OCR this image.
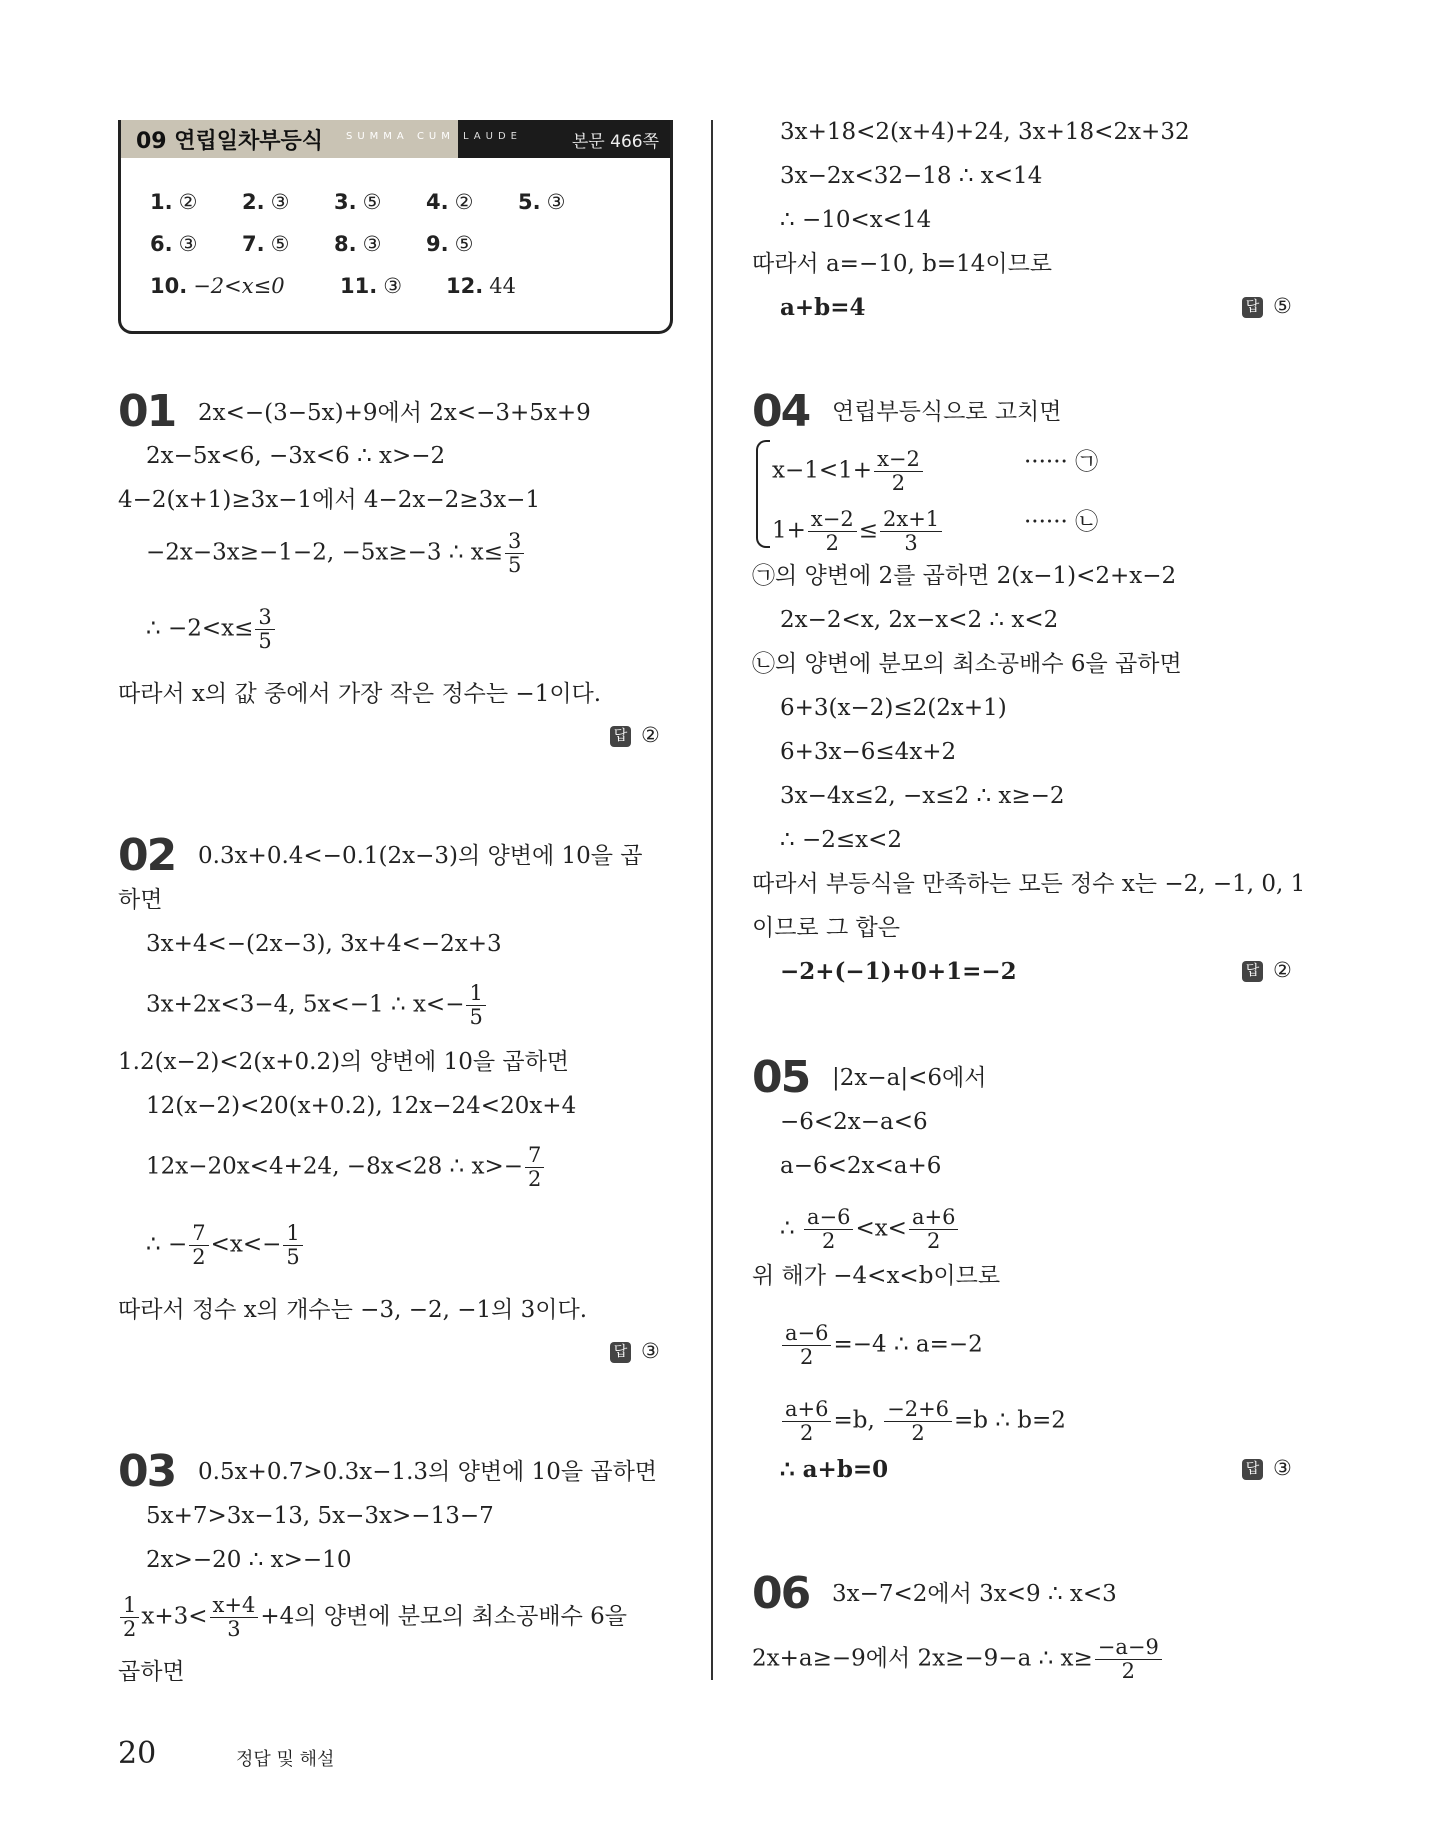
09 연립일차부등식 SUMMA CUM LAUDE	본문 466쪽
1. ② 2. ③ 3. ⑤ 4. ② 5. ③
6. ③ 7. ⑤ 8. ③ 9. ⑤
10. −2<x≤0	11. ③ 12. 44
01 2x<−(3−5x)+9에서 2x<−3+5x+9
2x−5x<6, −3x<6 ∴ x>−2
4−2(x+1)≥3x−1에서 4−2x−2≥3x−1
−2x−3x≥−1−2, −5x≥−3 ∴ $x\le \frac{3}{5}$
∴ $-2<x\le \frac{3}{5}$
따라서 x의 값 중에서 가장 작은 정수는 −1이다.
답 ②
02 0.3x+0.4<−0.1(2x−3)의 양변에 10을 곱
하면
3x+4<−(2x−3), 3x+4<−2x+3
3x+2x<3−4, 5x<−1 ∴ $x<- \frac{1}{5}$
1.2(x−2)<2(x+0.2)의 양변에 10을 곱하면
12(x−2)<20(x+0.2), 12x−24<20x+4
12x−20x<4+24, −8x<28 ∴ $x>- \frac{7}{2}$
∴ − $\frac{7}{2} <x<- \frac{1}{5}$
따라서 정수 x의 개수는 −3, −2, −1의 3이다.
답 ③
03 0.5x+0.7>0.3x−1.3의 양변에 10을 곱하면
5x+7>3x−13, 5x−3x>−13−7
2x>−20 ∴ x>−10
$\frac{1}{2} x+3< \frac{x+4}{3} +4$의 양변에 분모의 최소공배수 6을
곱하면
3x+18<2(x+4)+24, 3x+18<2x+32
3x−2x<32−18 ∴ x<14
∴ −10<x<14
따라서 a=−10, b=14이므로
a+b=4	답 ⑤
04 연립부등식으로 고치면
$x-1<1+ \frac{x-2}{2}$	······ ㉠
$1+ \frac{x-2}{2} \le \frac{2x+1}{3}$	······ ㉡
㉠의 양변에 2를 곱하면 2(x−1)<2+x−2
2x−2<x, 2x−x<2 ∴ x<2
㉡의 양변에 분모의 최소공배수 6을 곱하면
6+3(x−2)≤2(2x+1)
6+3x−6≤4x+2
3x−4x≤2, −x≤2 ∴ x≥−2
∴ −2≤x<2
따라서 부등식을 만족하는 모든 정수 x는 −2, −1, 0, 1
이므로 그 합은
−2+(−1)+0+1=−2	답 ②
05 |2x−a|<6에서
−6<2x−a<6
a−6<2x<a+6
∴ $\frac{a-6}{2} <x< \frac{a+6}{2}$
위 해가 −4<x<b이므로
$\frac{a-6}{2} =-4$ ∴ a=−2
$\frac{a+6}{2} =b$, $\frac{-2+6}{2} =b$ ∴ b=2
∴ a+b=0	답 ③
06 3x−7<2에서 3x<9 ∴ x<3
2x+a≥−9에서 2x≥−9−a ∴ $x\ge \frac{-a-9}{2}$
20	정답 및 해설
